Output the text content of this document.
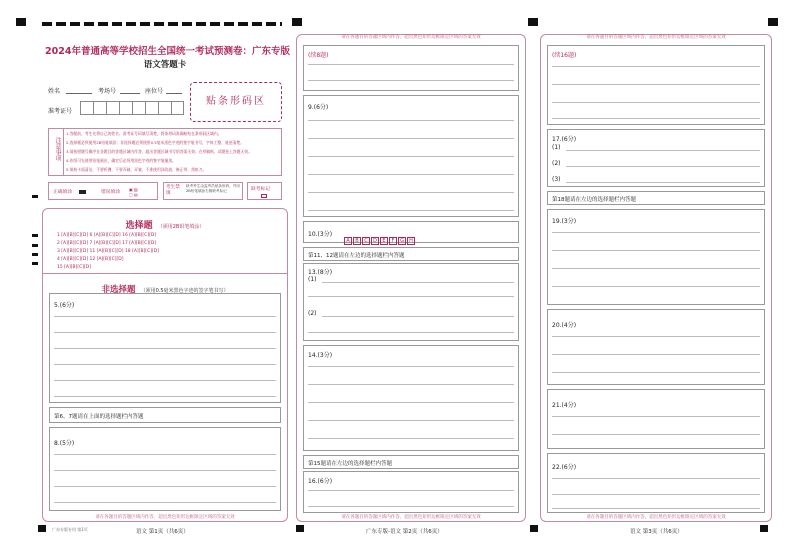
2024年普通高等学校招生全国统一考试预测卷：广东专版
语文答题卡
姓名	考场号	座位号
准考证号
贴条形码区
注意事项
1.答题前，考生先将自己的姓名、准考证号码填写清楚，将条形码准确粘贴在条形码区域内。
2.选择题必须使用2B铅笔填涂；非选择题必须使用0.5毫米黑色字迹的签字笔书写，字体工整、笔迹清楚。
3.请按照题号顺序在各题目的答题区域内作答，超出答题区域书写的答案无效；在草稿纸、试题卷上答题无效。
4.作图可先使用铅笔画出，确定后必须用黑色字迹的签字笔描黑。
5.保持卡面清洁，不要折叠、不要弄破、弄皱，不准使用涂改液、修正带、刮纸刀。
正确填涂	错误填涂
▣ ▨
▢ ▤
考生禁填
缺考考生由监考员贴条形码，并用2B铅笔填涂右侧缺考标记	缺考标记
选择题 （须用2B铅笔填涂）
1 [A][B][C][D] 6 [A][B][C][D] 16 [A][B][C][D]
2 [A][B][C][D] 7 [A][B][C][D] 17 [A][B][C][D]
3 [A][B][C][D] 11 [A][B][C][D] 18 [A][B][C][D]
4 [A][B][C][D] 12 [A][B][C][D]
15 [A][B][C][D]
非选择题 （须用0.5毫米黑色字迹的签字笔书写）
5.(6分)
第6、7题请在上面的选择题栏内答题
8.(5分)
请在各题目的答题区域内作答，超出黑色矩形边框限定区域的答案无效
请在各题目的答题区域内作答，超出黑色矩形边框限定区域的答案无效
(续8题)
9.(6分)
10.(3分)
A B C D E F G H
第11、12题请在左边的选择题栏内答题
13.(8分)
(1)
(2)
14.(3分)
第15题请在左边的选择题栏内答题
16.(6分)
请在各题目的答题区域内作答，超出黑色矩形边框限定区域的答案无效
请在各题目的答题区域内作答，超出黑色矩形边框限定区域的答案无效
(续16题)
17.(6分)
(1)
(2)
(3)
第18题请在左边的选择题栏内答题
19.(3分)
20.(4分)
21.(4分)
22.(6分)
请在各题目的答题区域内作答，超出黑色矩形边框限定区域的答案无效
广东专版专用 第1页	语文 第1页（共6页）	广东专版-语文 第2页（共6页）	语文 第3页（共6页）
